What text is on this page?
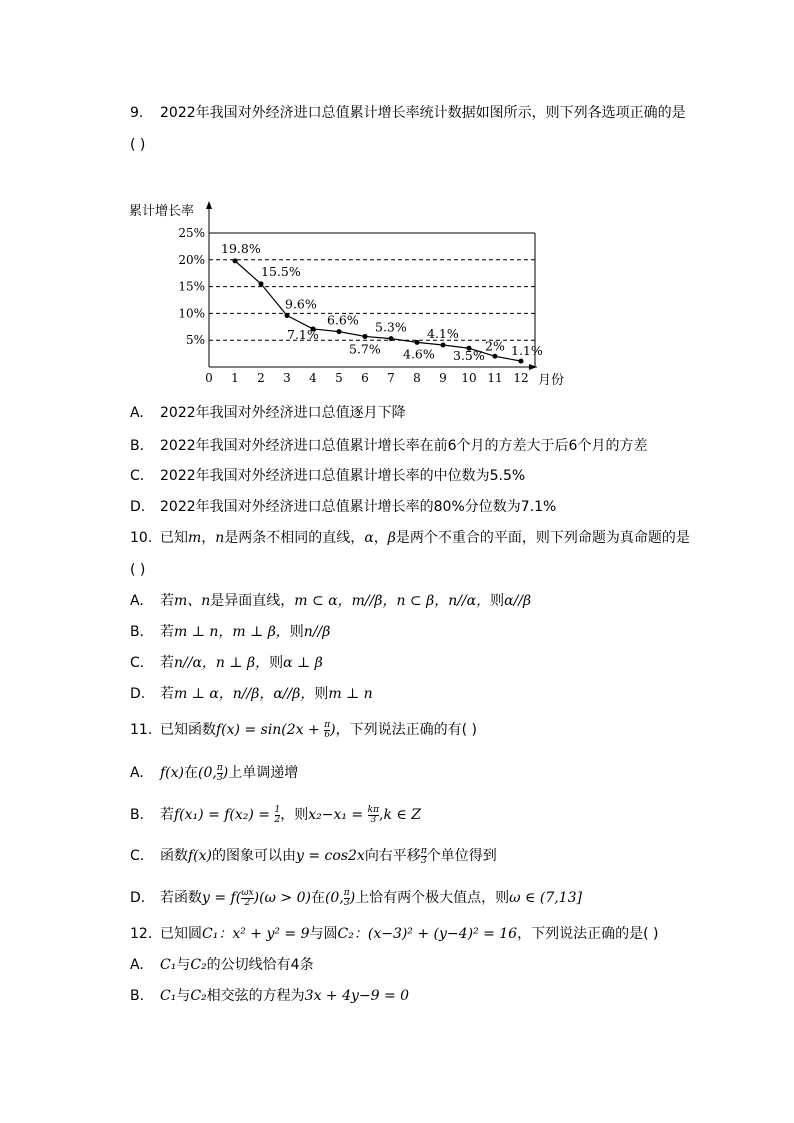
9. 2022年我国对外经济进口总值累计增长率统计数据如图所示，则下列各选项正确的是
( )
累计增长率
5%
10%
15%
20%
25%
0 1 2 3 4 5 6 7 8 9 10 11 12
19.8%
15.5%
9.6%
7.1%
6.6%
5.7%
5.3%
4.6%
4.1%
3.5%
2% 1.1%
月份
A. 2022年我国对外经济进口总值逐月下降
B. 2022年我国对外经济进口总值累计增长率在前6个月的方差大于后6个月的方差
C. 2022年我国对外经济进口总值累计增长率的中位数为5.5%
D. 2022年我国对外经济进口总值累计增长率的80%分位数为7.1%
10. 已知m，n是两条不相同的直线，α，β是两个不重合的平面，则下列命题为真命题的是
( )
A. 若m、n是异面直线，m ⊂ α，m//β，n ⊂ β，n//α，则α//β
B. 若m ⊥ n，m ⊥ β，则n//β
C. 若n//α，n ⊥ β，则α ⊥ β
D. 若m ⊥ α，n//β，α//β，则m ⊥ n
11. 已知函数$f(x) = \sin(2x + \frac{\pi}{6}$ )，下列说法正确的有( )
A. f(x)在(0, $\frac{\pi}{3}$ )上单调递增
B. 若$f(x_1) = f(x_2) = \frac{1}{2}$ ，则$x_2-x_1 = \frac{k\pi}{3} ,k$ ∈ Z
C. 函数f(x)的图象可以由y = cos2x向右平移 $\frac{\pi}{3}$ 个单位得到
D. 若函数$y = f( \frac{\omega x}{2} )(\omega > 0)$在(0, $\frac{\pi}{3}$ )上恰有两个极大值点，则ω ∈ (7,13]
12. 已知圆C₁：x² + y² = 9与圆C₂：(x−3)² + (y−4)² = 16，下列说法正确的是( )
A. C₁与C₂的公切线恰有4条
B. C₁与C₂相交弦的方程为3x + 4y−9 = 0
